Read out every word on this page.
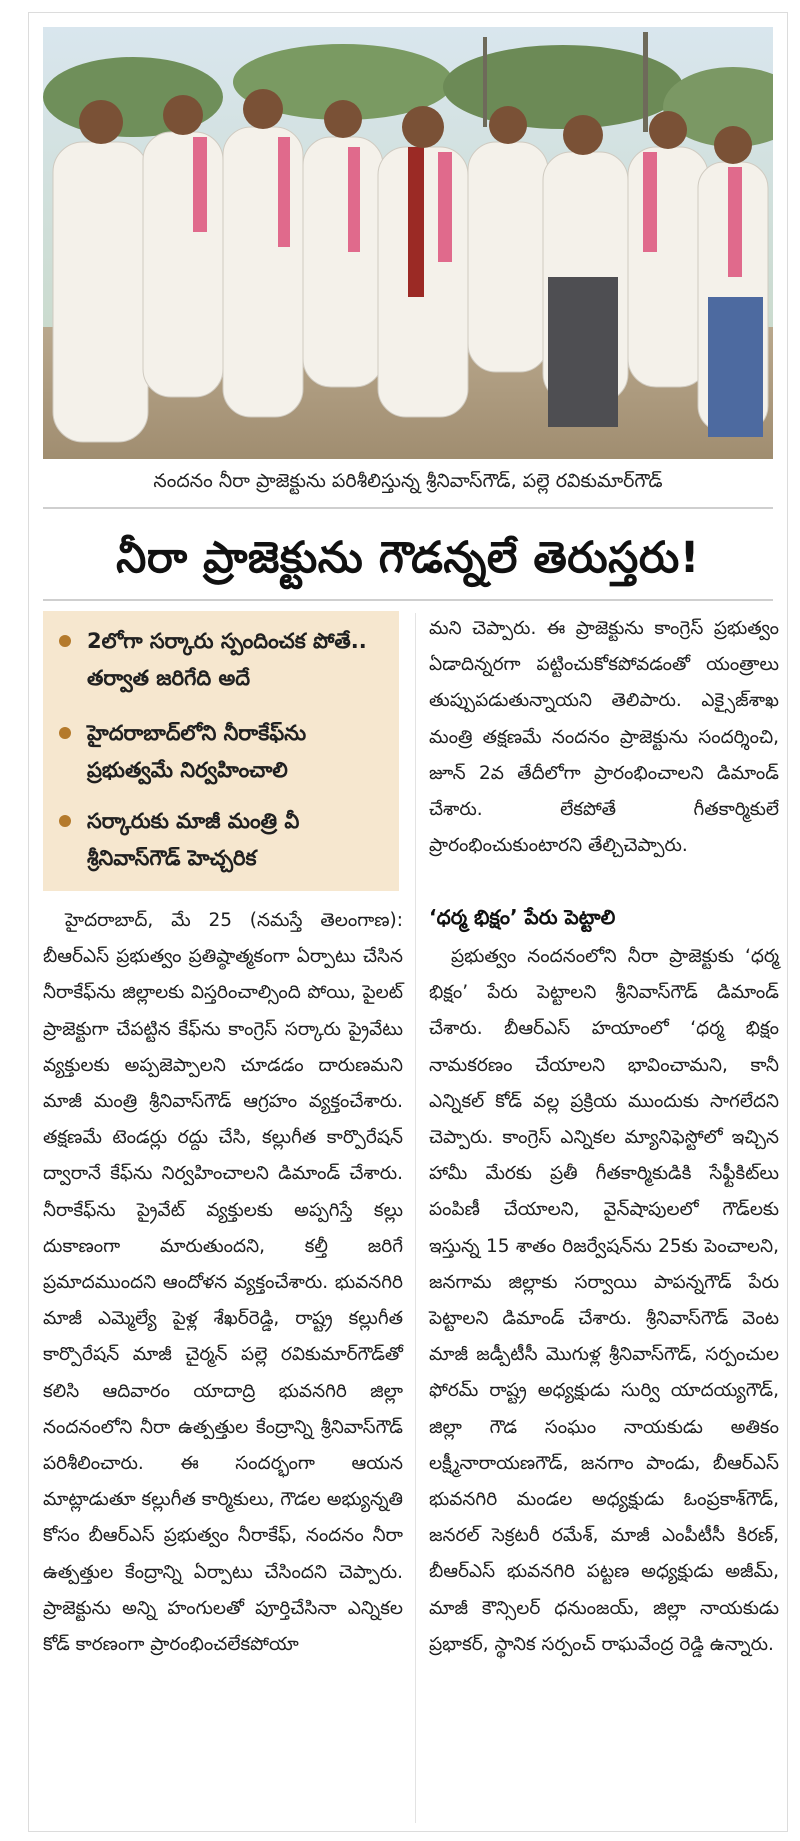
నందనం నీరా ప్రాజెక్టును పరిశీలిస్తున్న శ్రీనివాస్‌గౌడ్‌, పల్లె రవికుమార్‌గౌడ్‌
నీరా ప్రాజెక్టును గౌడన్నలే తెరుస్తరు!
2లోగా సర్కారు స్పందించక పోతే.. తర్వాత జరిగేది అదే
హైదరాబాద్‌లోని నీరాకేఫ్‌ను ప్రభుత్వమే నిర్వహించాలి
సర్కారుకు మాజీ మంత్రి వీ శ్రీనివాస్‌గౌడ్‌ హెచ్చరిక

హైదరాబాద్‌, మే 25 (నమస్తే తెలంగాణ): బీఆర్‌ఎస్‌ ప్రభుత్వం ప్రతిష్ఠాత్మకంగా ఏర్పాటు చేసిన నీరాకేఫ్‌ను జిల్లాలకు విస్తరించాల్సింది పోయి, పైలట్‌ ప్రాజెక్టుగా చేపట్టిన కేఫ్‌ను కాంగ్రెస్‌ సర్కారు ప్రైవేటు వ్యక్తులకు అప్పజెప్పాలని చూడడం దారుణమని మాజీ మంత్రి శ్రీనివాస్‌గౌడ్‌ ఆగ్రహం వ్యక్తంచేశారు. తక్షణమే టెండర్లు రద్దు చేసి, కల్లుగీత కార్పొరేషన్‌ ద్వారానే కేఫ్‌ను నిర్వహించాలని డిమాండ్‌ చేశారు. నీరాకేఫ్‌ను ప్రైవేట్‌ వ్యక్తులకు అప్పగిస్తే కల్లు దుకాణంగా మారుతుందని, కల్తీ జరిగే ప్రమాదముందని ఆందోళన వ్యక్తంచేశారు. భువనగిరి మాజీ ఎమ్మెల్యే పైళ్ల శేఖర్‌రెడ్డి, రాష్ట్ర కల్లుగీత కార్పొరేషన్‌ మాజీ చైర్మన్‌ పల్లె రవికుమార్‌గౌడ్‌తో కలిసి ఆదివారం యాదాద్రి భువనగిరి జిల్లా నందనంలోని నీరా ఉత్పత్తుల కేంద్రాన్ని శ్రీనివాస్‌గౌడ్‌ పరిశీలించారు. ఈ సందర్భంగా ఆయన మాట్లాడుతూ కల్లుగీత కార్మికులు, గౌడల అభ్యున్నతి కోసం బీఆర్‌ఎస్‌ ప్రభుత్వం నీరాకేఫ్‌, నందనం నీరా ఉత్పత్తుల కేంద్రాన్ని ఏర్పాటు చేసిందని చెప్పారు. ప్రాజెక్టును అన్ని హంగులతో పూర్తిచేసినా ఎన్నికల కోడ్‌ కారణంగా ప్రారంభించలేకపోయా

మని చెప్పారు. ఈ ప్రాజెక్టును కాంగ్రెస్‌ ప్రభుత్వం ఏడాదిన్నరగా పట్టించుకోకపోవడంతో యంత్రాలు తుప్పుపడుతున్నాయని తెలిపారు. ఎక్సైజ్‌శాఖ మంత్రి తక్షణమే నందనం ప్రాజెక్టును సందర్శించి, జూన్‌ 2వ తేదీలోగా ప్రారంభించాలని డిమాండ్‌ చేశారు. లేకపోతే గీతకార్మికులే ప్రారంభించుకుంటారని తేల్చిచెప్పారు.

‘ధర్మ భిక్షం’ పేరు పెట్టాలి

ప్రభుత్వం నందనంలోని నీరా ప్రాజెక్టుకు ‘ధర్మ భిక్షం’ పేరు పెట్టాలని శ్రీనివాస్‌గౌడ్‌ డిమాండ్‌ చేశారు. బీఆర్‌ఎస్‌ హయాంలో ‘ధర్మ భిక్షం నామకరణం చేయాలని భావించామని, కానీ ఎన్నికల్‌ కోడ్‌ వల్ల ప్రక్రియ ముందుకు సాగలేదని చెప్పారు. కాంగ్రెస్‌ ఎన్నికల మ్యానిఫెస్టోలో ఇచ్చిన హామీ మేరకు ప్రతీ గీతకార్మికుడికి సేఫ్టీకిట్‌లు పంపిణీ చేయాలని, వైన్‌షాపులలో గౌడ్‌లకు ఇస్తున్న 15 శాతం రిజర్వేషన్‌ను 25కు పెంచాలని, జనగామ జిల్లాకు సర్వాయి పాపన్నగౌడ్‌ పేరు పెట్టాలని డిమాండ్‌ చేశారు. శ్రీనివాస్‌గౌడ్‌ వెంట మాజీ జడ్పీటీసీ మొగుళ్ల శ్రీనివాస్‌గౌడ్‌, సర్పంచుల ఫోరమ్‌ రాష్ట్ర అధ్యక్షుడు సుర్వి యాదయ్యగౌడ్‌, జిల్లా గౌడ సంఘం నాయకుడు అతికం లక్ష్మీనారాయణగౌడ్‌, జనగాం పాండు, బీఆర్‌ఎస్‌ భువనగిరి మండల అధ్యక్షుడు ఓంప్రకాశ్‌గౌడ్‌, జనరల్‌ సెక్రటరీ రమేశ్‌, మాజీ ఎంపీటీసీ కిరణ్‌, బీఆర్‌ఎస్‌ భువనగిరి పట్టణ అధ్యక్షుడు అజీమ్‌, మాజీ కౌన్సిలర్‌ ధనుంజయ్‌, జిల్లా నాయకుడు ప్రభాకర్‌, స్థానిక సర్పంచ్‌ రాఘవేంద్ర రెడ్డి ఉన్నారు.
